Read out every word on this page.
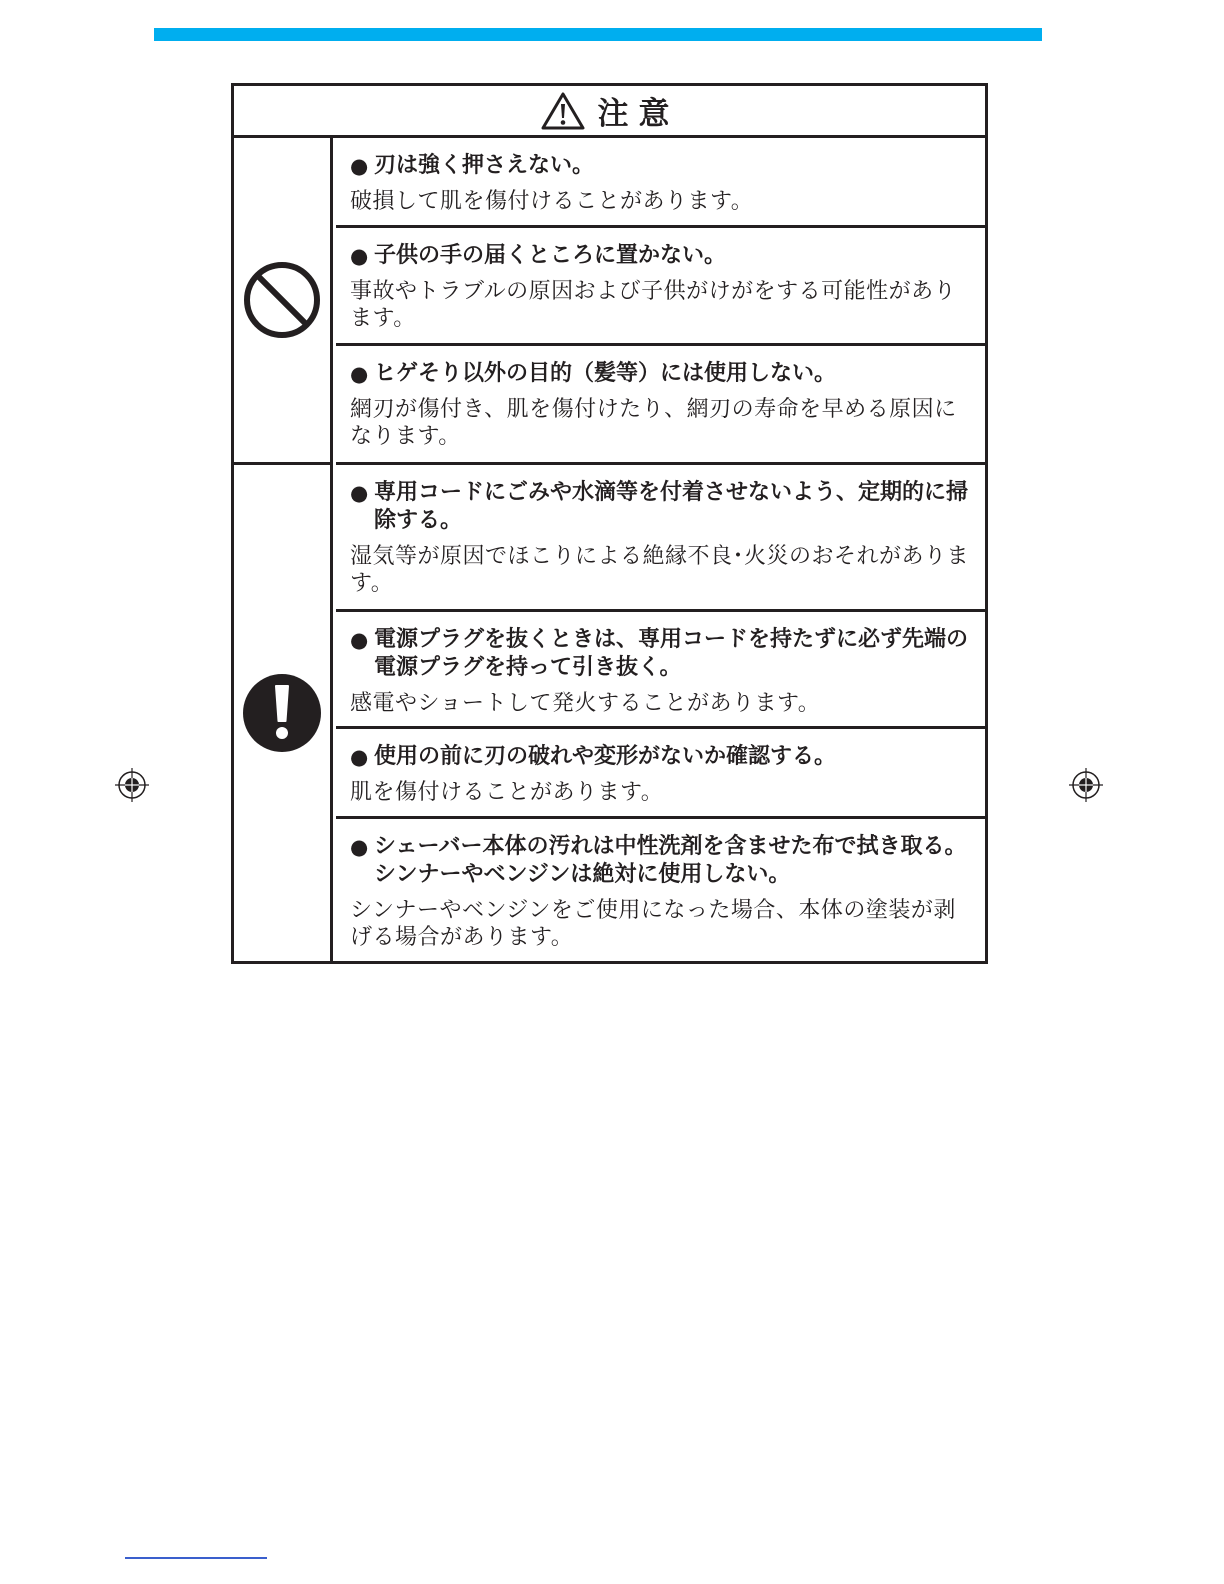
注意
● 刃は強く押さえない。
破損して肌を傷付けることがあります。
● 子供の手の届くところに置かない。
事故やトラブルの原因および子供がけがをする可能性があります。
● ヒゲそり以外の目的（髪等）には使用しない。
網刃が傷付き、肌を傷付けたり、網刃の寿命を早める原因になります。
● 専用コードにごみや水滴等を付着させないよう、定期的に掃除する。
湿気等が原因でほこりによる絶縁不良･火災のおそれがあります。
● 電源プラグを抜くときは、専用コードを持たずに必ず先端の電源プラグを持って引き抜く。
感電やショートして発火することがあります。
● 使用の前に刃の破れや変形がないか確認する。
肌を傷付けることがあります。
● シェーバー本体の汚れは中性洗剤を含ませた布で拭き取る。シンナーやベンジンは絶対に使用しない。
シンナーやベンジンをご使用になった場合、本体の塗装が剥げる場合があります。
